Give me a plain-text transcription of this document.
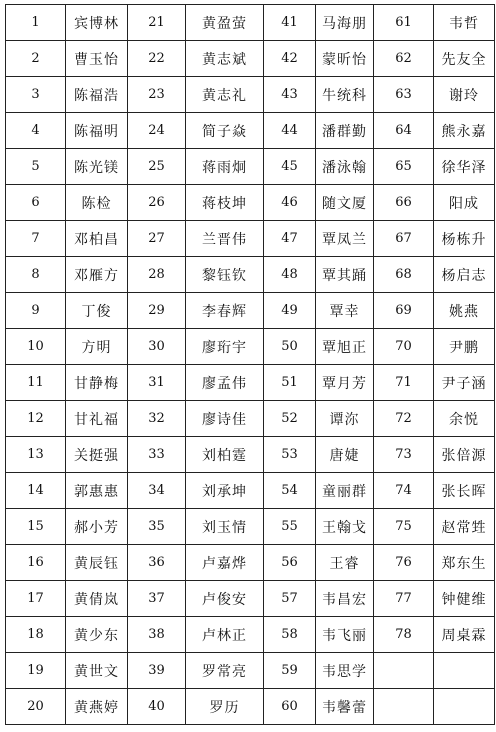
1	宾博林	21	黄盈萤	41	马海朋	61	韦哲
2	曹玉怡	22	黄志斌	42	蒙昕怡	62	先友全
3	陈福浩	23	黄志礼	43	牛统科	63	谢玲
4	陈福明	24	简子焱	44	潘群勤	64	熊永嘉
5	陈光镁	25	蒋雨炯	45	潘泳翰	65	徐华泽
6	陈检	26	蒋枝坤	46	随文厦	66	阳成
7	邓柏昌	27	兰晋伟	47	覃凤兰	67	杨栋升
8	邓雁方	28	黎钰钦	48	覃其踊	68	杨启志
9	丁俊	29	李春辉	49	覃幸	69	姚燕
10	方明	30	廖珩宇	50	覃旭正	70	尹鹏
11	甘静梅	31	廖孟伟	51	覃月芳	71	尹子涵
12	甘礼福	32	廖诗佳	52	谭沵	72	余悦
13	关挺强	33	刘柏霆	53	唐婕	73	张倍源
14	郭惠惠	34	刘承坤	54	童丽群	74	张长晖
15	郝小芳	35	刘玉情	55	王翰戈	75	赵常甡
16	黄辰钰	36	卢嘉烨	56	王睿	76	郑东生
17	黄倩岚	37	卢俊安	57	韦昌宏	77	钟健维
18	黄少东	38	卢林正	58	韦飞丽	78	周桌霖
19	黄世文	39	罗常亮	59	韦思学		
20	黄燕婷	40	罗历	60	韦馨蕾		
